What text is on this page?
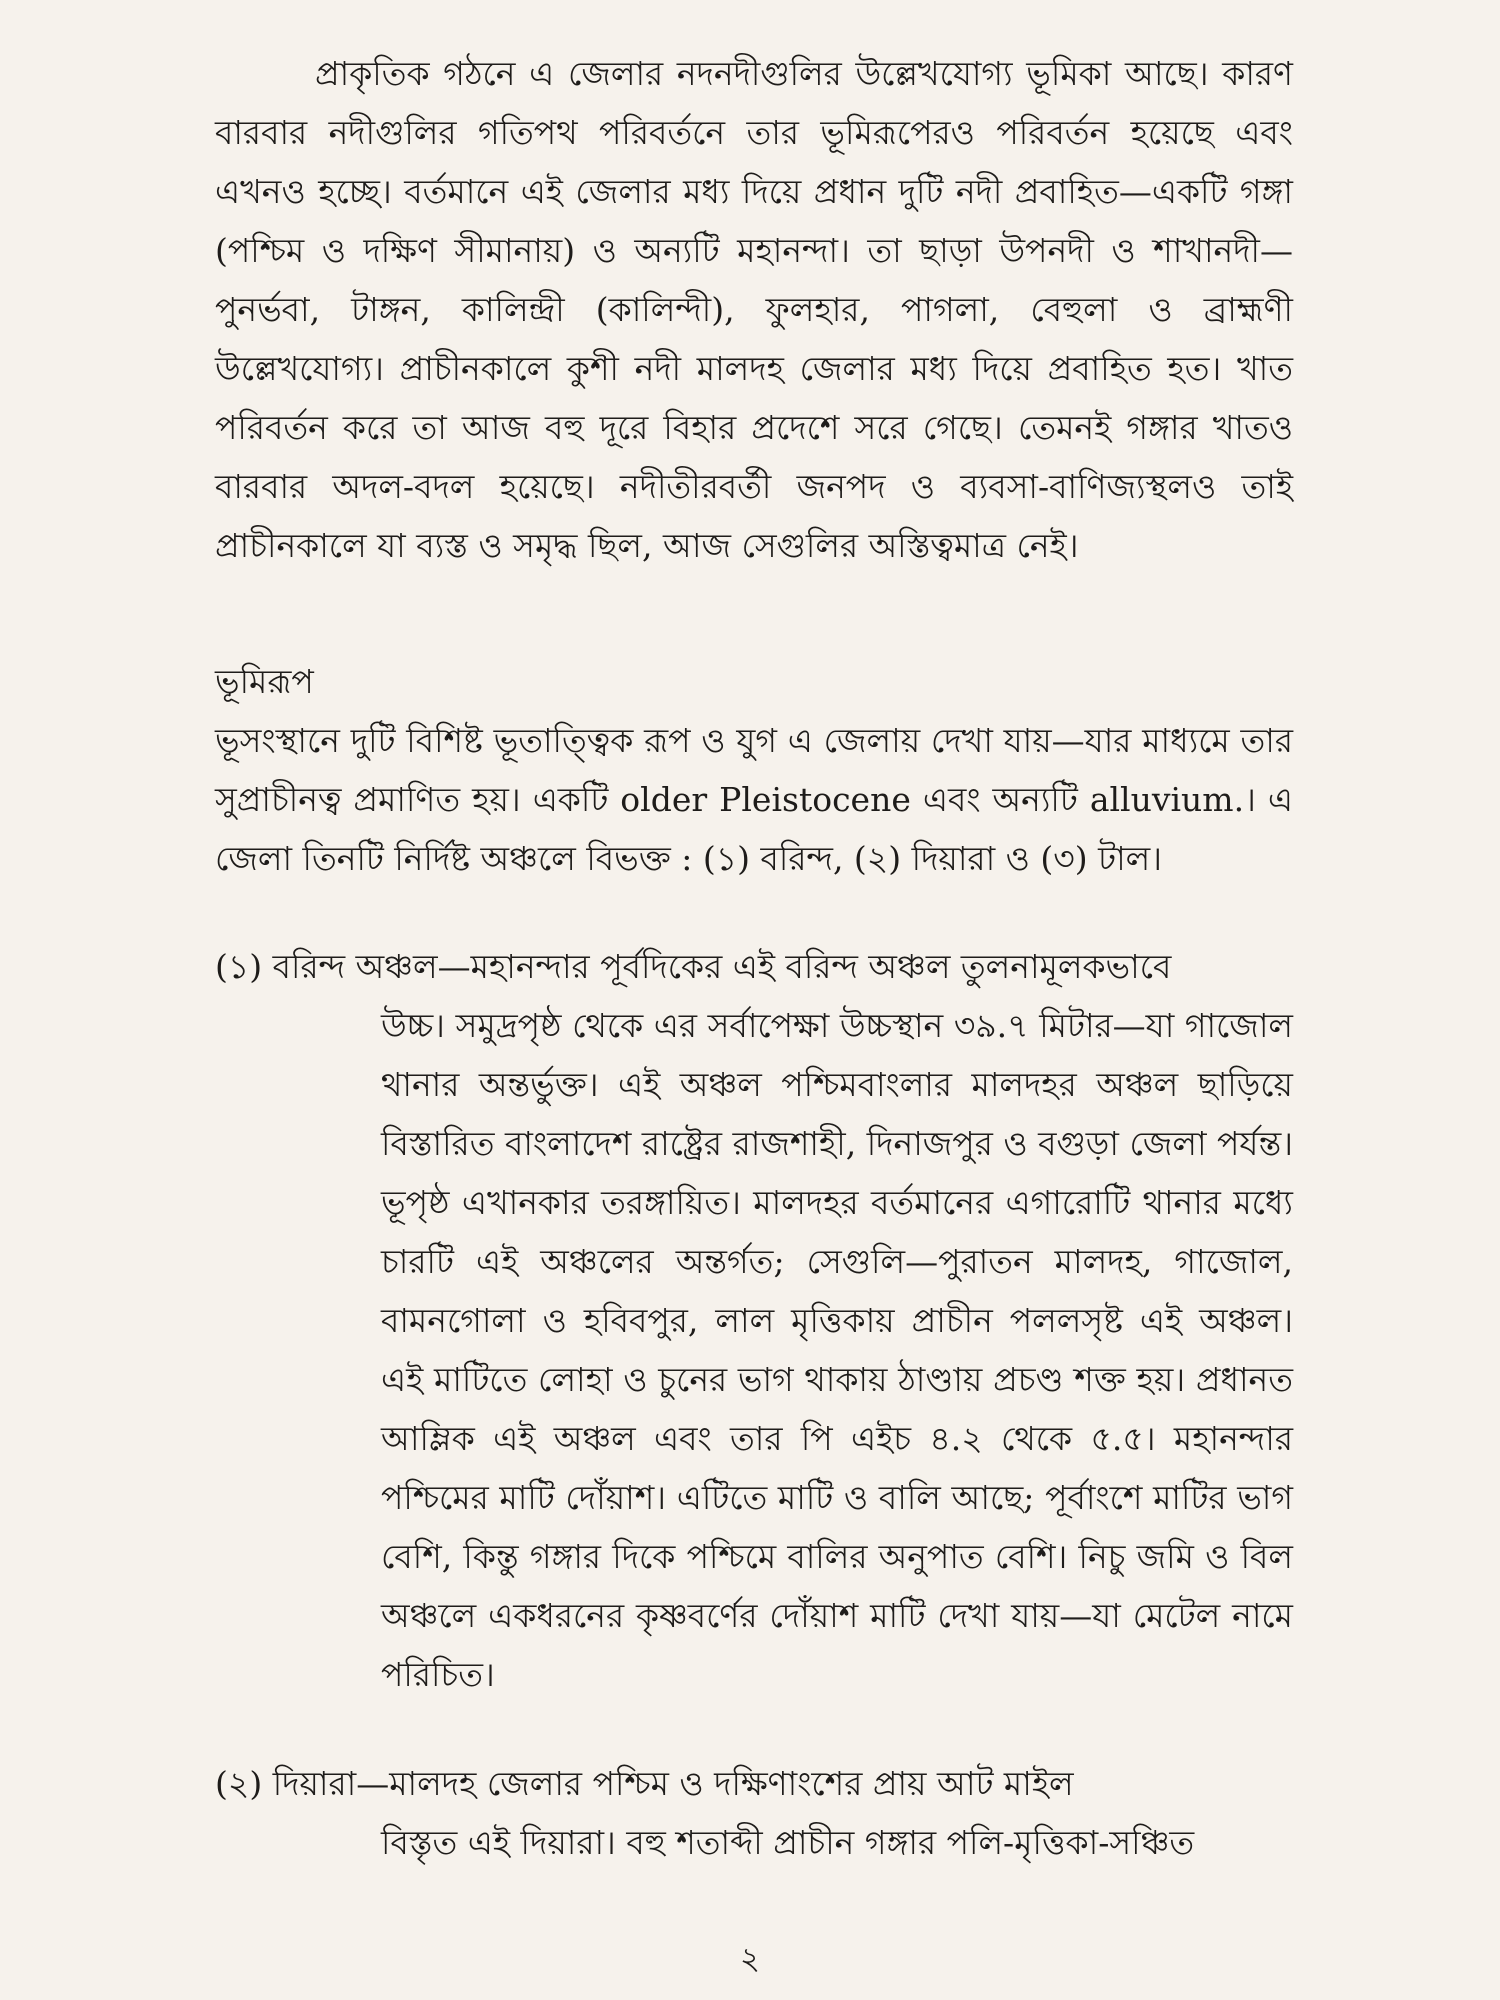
প্রাকৃতিক গঠনে এ জেলার নদনদীগুলির উল্লেখযোগ্য ভূমিকা আছে। কারণ বারবার নদীগুলির গতিপথ পরিবর্তনে তার ভূমিরূপেরও পরিবর্তন হয়েছে এবং এখনও হচ্ছে। বর্তমানে এই জেলার মধ্য দিয়ে প্রধান দুটি নদী প্রবাহিত—একটি গঙ্গা (পশ্চিম ও দক্ষিণ সীমানায়) ও অন্যটি মহানন্দা। তা ছাড়া উপনদী ও শাখানদী—পুনর্ভবা, টাঙ্গন, কালিন্দ্রী (কালিন্দী), ফুলহার, পাগলা, বেহুলা ও ব্রাহ্মণী উল্লেখযোগ্য। প্রাচীনকালে কুশী নদী মালদহ জেলার মধ্য দিয়ে প্রবাহিত হত। খাত পরিবর্তন করে তা আজ বহু দূরে বিহার প্রদেশে সরে গেছে। তেমনই গঙ্গার খাতও বারবার অদল-বদল হয়েছে। নদীতীরবর্তী জনপদ ও ব্যবসা-বাণিজ্যস্থলও তাই প্রাচীনকালে যা ব্যস্ত ও সমৃদ্ধ ছিল, আজ সেগুলির অস্তিত্বমাত্র নেই।

ভূমিরূপ

ভূসংস্থানে দুটি বিশিষ্ট ভূতাত্ত্বিক রূপ ও যুগ এ জেলায় দেখা যায়—যার মাধ্যমে তার সুপ্রাচীনত্ব প্রমাণিত হয়। একটি older Pleistocene এবং অন্যটি alluvium.। এ জেলা তিনটি নির্দিষ্ট অঞ্চলে বিভক্ত : (১) বরিন্দ, (২) দিয়ারা ও (৩) টাল।

(১) বরিন্দ অঞ্চল—মহানন্দার পূর্বদিকের এই বরিন্দ অঞ্চল তুলনামূলকভাবে
উচ্চ। সমুদ্রপৃষ্ঠ থেকে এর সর্বাপেক্ষা উচ্চস্থান ৩৯.৭ মিটার—যা গাজোল থানার অন্তর্ভুক্ত। এই অঞ্চল পশ্চিমবাংলার মালদহর অঞ্চল ছাড়িয়ে বিস্তারিত বাংলাদেশ রাষ্ট্রের রাজশাহী, দিনাজপুর ও বগুড়া জেলা পর্যন্ত। ভূপৃষ্ঠ এখানকার তরঙ্গায়িত। মালদহর বর্তমানের এগারোটি থানার মধ্যে চারটি এই অঞ্চলের অন্তর্গত; সেগুলি—পুরাতন মালদহ, গাজোল, বামনগোলা ও হবিবপুর, লাল মৃত্তিকায় প্রাচীন পললসৃষ্ট এই অঞ্চল। এই মাটিতে লোহা ও চুনের ভাগ থাকায় ঠাণ্ডায় প্রচণ্ড শক্ত হয়। প্রধানত আম্লিক এই অঞ্চল এবং তার পি এইচ ৪.২ থেকে ৫.৫। মহানন্দার পশ্চিমের মাটি দোঁয়াশ। এটিতে মাটি ও বালি আছে; পূর্বাংশে মাটির ভাগ বেশি, কিন্তু গঙ্গার দিকে পশ্চিমে বালির অনুপাত বেশি। নিচু জমি ও বিল অঞ্চলে একধরনের কৃষ্ণবর্ণের দোঁয়াশ মাটি দেখা যায়—যা মেটেল নামে পরিচিত।
(২) দিয়ারা—মালদহ জেলার পশ্চিম ও দক্ষিণাংশের প্রায় আট মাইল
বিস্তৃত এই দিয়ারা। বহু শতাব্দী প্রাচীন গঙ্গার পলি-মৃত্তিকা-সঞ্চিত
২
